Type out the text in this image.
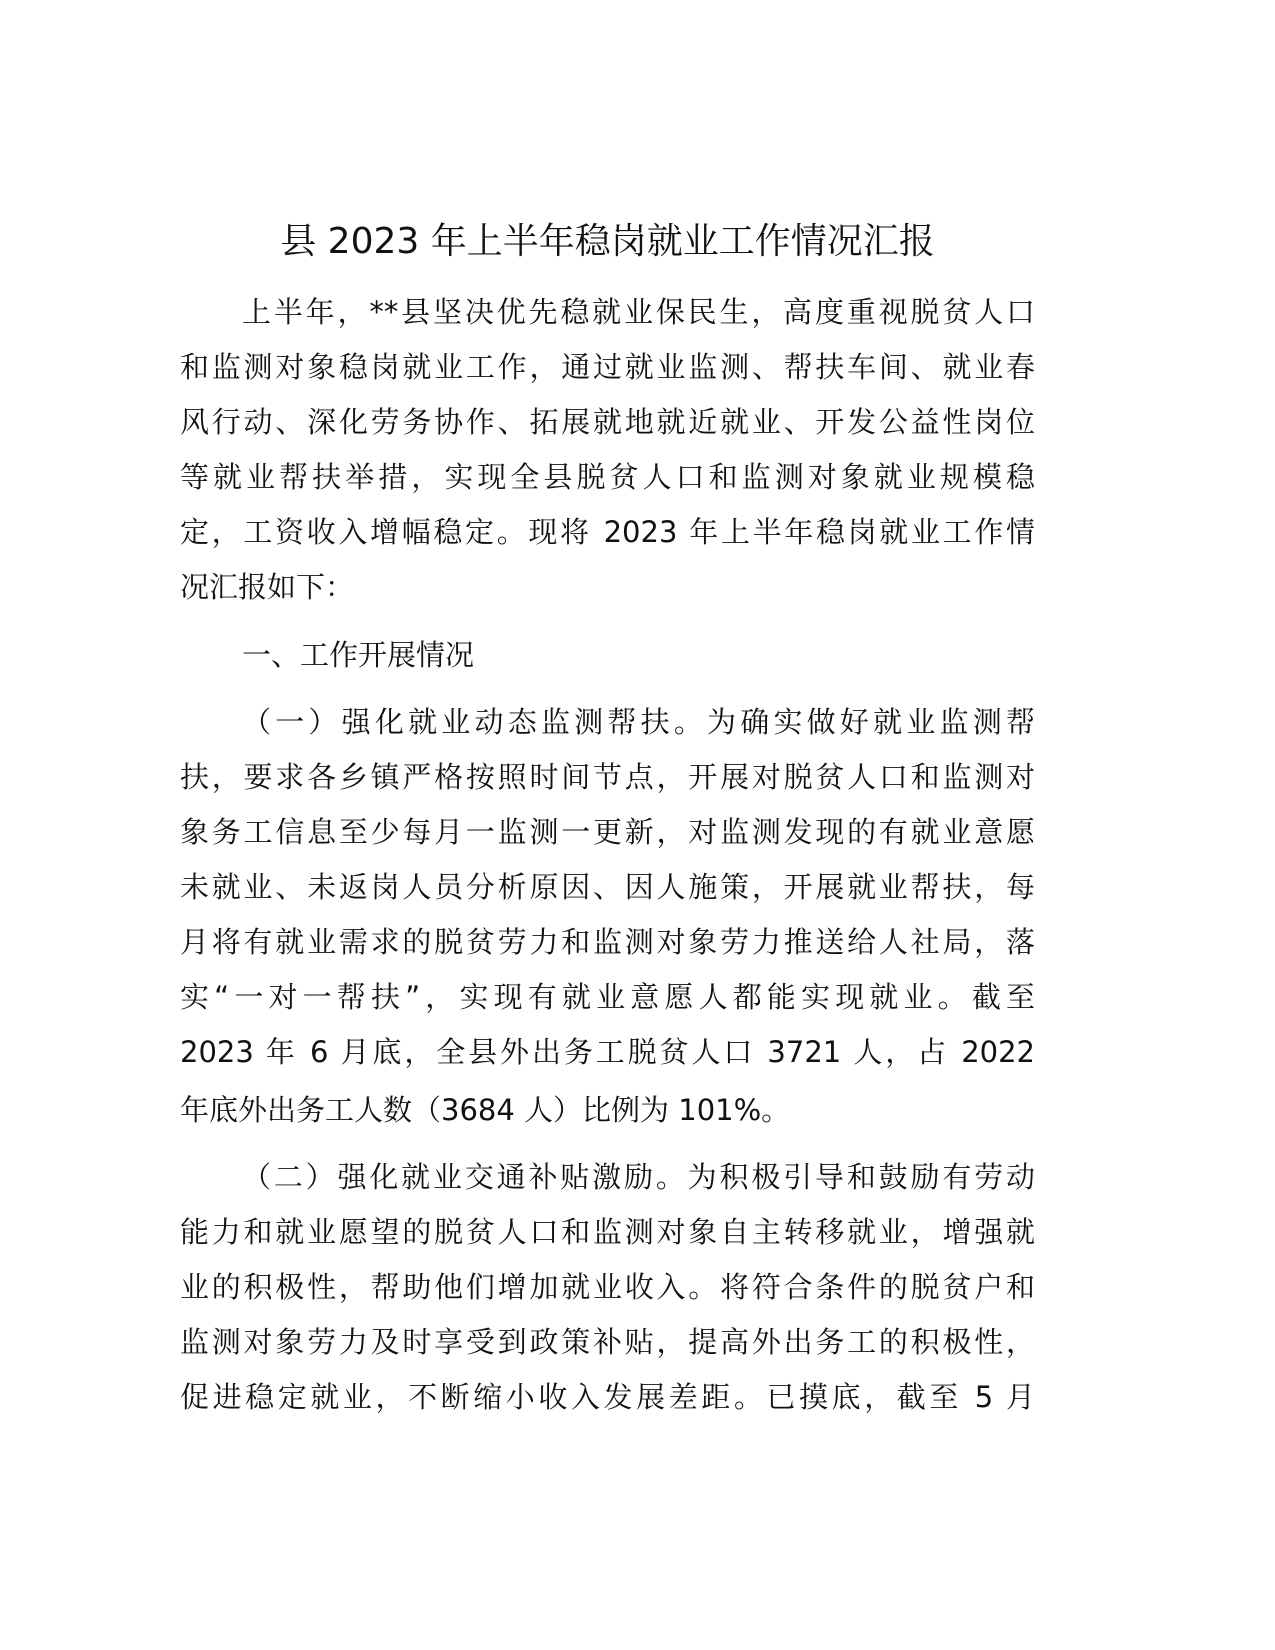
县 2023 年上半年稳岗就业工作情况汇报
上半年，**县坚决优先稳就业保民生，高度重视脱贫人口
和监测对象稳岗就业工作，通过就业监测、帮扶车间、就业春
风行动、深化劳务协作、拓展就地就近就业、开发公益性岗位
等就业帮扶举措，实现全县脱贫人口和监测对象就业规模稳
定，工资收入增幅稳定。现将 2023 年上半年稳岗就业工作情
况汇报如下：
一、工作开展情况
（一）强化就业动态监测帮扶。为确实做好就业监测帮
扶，要求各乡镇严格按照时间节点，开展对脱贫人口和监测对
象务工信息至少每月一监测一更新，对监测发现的有就业意愿
未就业、未返岗人员分析原因、因人施策，开展就业帮扶，每
月将有就业需求的脱贫劳力和监测对象劳力推送给人社局，落
实“一对一帮扶”，实现有就业意愿人都能实现就业。截至
2023 年 6 月底，全县外出务工脱贫人口 3721 人，占 2022
年底外出务工人数（3684 人）比例为 101%。
（二）强化就业交通补贴激励。为积极引导和鼓励有劳动
能力和就业愿望的脱贫人口和监测对象自主转移就业，增强就
业的积极性，帮助他们增加就业收入。将符合条件的脱贫户和
监测对象劳力及时享受到政策补贴，提高外出务工的积极性，
促进稳定就业，不断缩小收入发展差距。已摸底，截至 5 月
